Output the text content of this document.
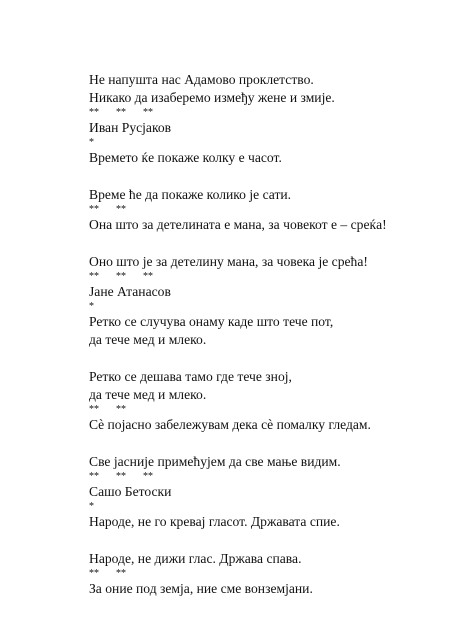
Не напушта нас Адамово проклетство.
Никако да изаберемо између жене и змије.
**  **  **
Иван Русјаков
*
Времето ќе покаже колку е часот.
Време ће да покаже колико је сати.
**  **
Она што за детелината е мана, за човекот е – среќа!
Оно што је за детелину мана, за човека је срећа!
**  **  **
Јане Атанасов
*
Ретко се случува онаму каде што тече пот,
да тече мед и млеко.
Ретко се дешава тамо где тече зној,
да тече мед и млеко.
**  **
Сѐ појасно забележувам дека сѐ помалку гледам.
Све јасније примећујем да све мање видим.
**  **  **
Сашо Бетоски
*
Народе, не го кревај гласот. Државата спие.
Народе, не дижи глас. Држава спава.
**  **
За оние под земја, ние сме вонземјани.
